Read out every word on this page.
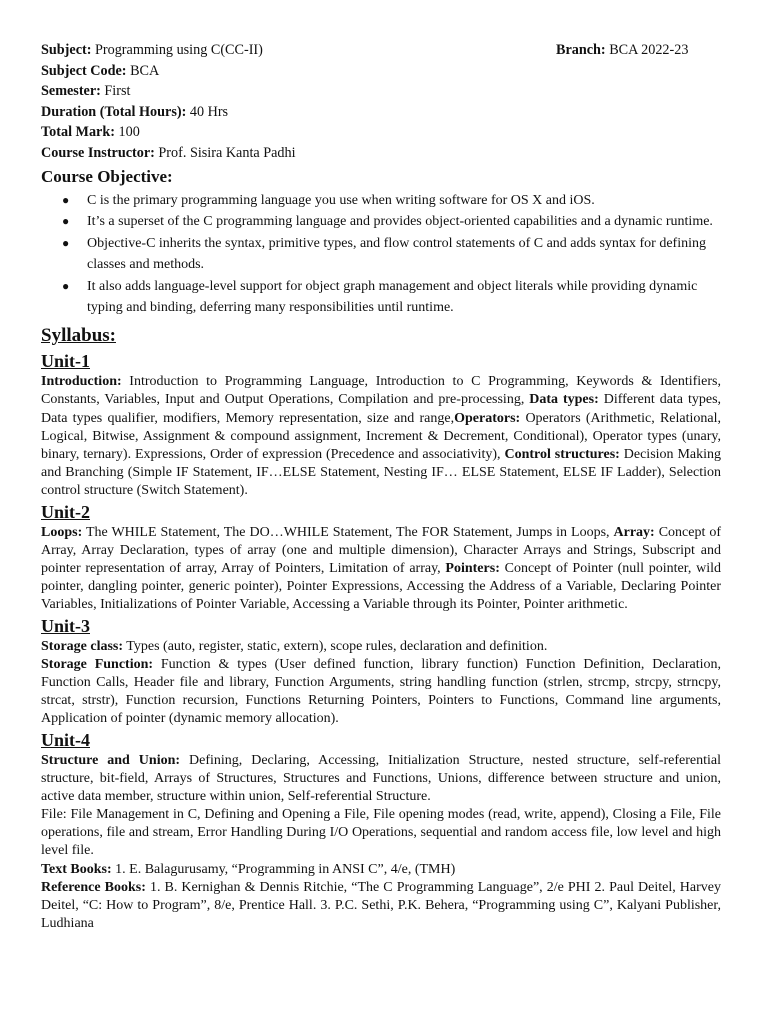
Subject: Programming using C(CC-II)	Branch: BCA 2022-23
Subject Code: BCA
Semester: First
Duration (Total Hours): 40 Hrs
Total Mark: 100
Course Instructor: Prof. Sisira Kanta Padhi
Course Objective:
● C is the primary programming language you use when writing software for OS X and iOS.
● It’s a superset of the C programming language and provides object-oriented capabilities and a dynamic runtime.
● Objective-C inherits the syntax, primitive types, and flow control statements of C and adds syntax for defining classes and methods.
● It also adds language-level support for object graph management and object literals while providing dynamic typing and binding, deferring many responsibilities until runtime.
Syllabus:
Unit-1

Introduction: Introduction to Programming Language, Introduction to C Programming, Keywords & Identifiers, Constants, Variables, Input and Output Operations, Compilation and pre-processing, Data types: Different data types, Data types qualifier, modifiers, Memory representation, size and range,Operators: Operators (Arithmetic, Relational, Logical, Bitwise, Assignment & compound assignment, Increment & Decrement, Conditional), Operator types (unary, binary, ternary). Expressions, Order of expression (Precedence and associativity), Control structures: Decision Making and Branching (Simple IF Statement, IF…ELSE Statement, Nesting IF… ELSE Statement, ELSE IF Ladder), Selection control structure (Switch Statement).

Unit-2

Loops: The WHILE Statement, The DO…WHILE Statement, The FOR Statement, Jumps in Loops, Array: Concept of Array, Array Declaration, types of array (one and multiple dimension), Character Arrays and Strings, Subscript and pointer representation of array, Array of Pointers, Limitation of array, Pointers: Concept of Pointer (null pointer, wild pointer, dangling pointer, generic pointer), Pointer Expressions, Accessing the Address of a Variable, Declaring Pointer Variables, Initializations of Pointer Variable, Accessing a Variable through its Pointer, Pointer arithmetic.

Unit-3

Storage class: Types (auto, register, static, extern), scope rules, declaration and definition.

Storage Function: Function & types (User defined function, library function) Function Definition, Declaration, Function Calls, Header file and library, Function Arguments, string handling function (strlen, strcmp, strcpy, strncpy, strcat, strstr), Function recursion, Functions Returning Pointers, Pointers to Functions, Command line arguments, Application of pointer (dynamic memory allocation).

Unit-4

Structure and Union: Defining, Declaring, Accessing, Initialization Structure, nested structure, self-referential structure, bit-field, Arrays of Structures, Structures and Functions, Unions, difference between structure and union, active data member, structure within union, Self-referential Structure.

File: File Management in C, Defining and Opening a File, File opening modes (read, write, append), Closing a File, File operations, file and stream, Error Handling During I/O Operations, sequential and random access file, low level and high level file.

Text Books: 1. E. Balagurusamy, “Programming in ANSI C”, 4/e, (TMH)

Reference Books: 1. B. Kernighan & Dennis Ritchie, “The C Programming Language”, 2/e PHI 2. Paul Deitel, Harvey Deitel, “C: How to Program”, 8/e, Prentice Hall. 3. P.C. Sethi, P.K. Behera, “Programming using C”, Kalyani Publisher, Ludhiana
